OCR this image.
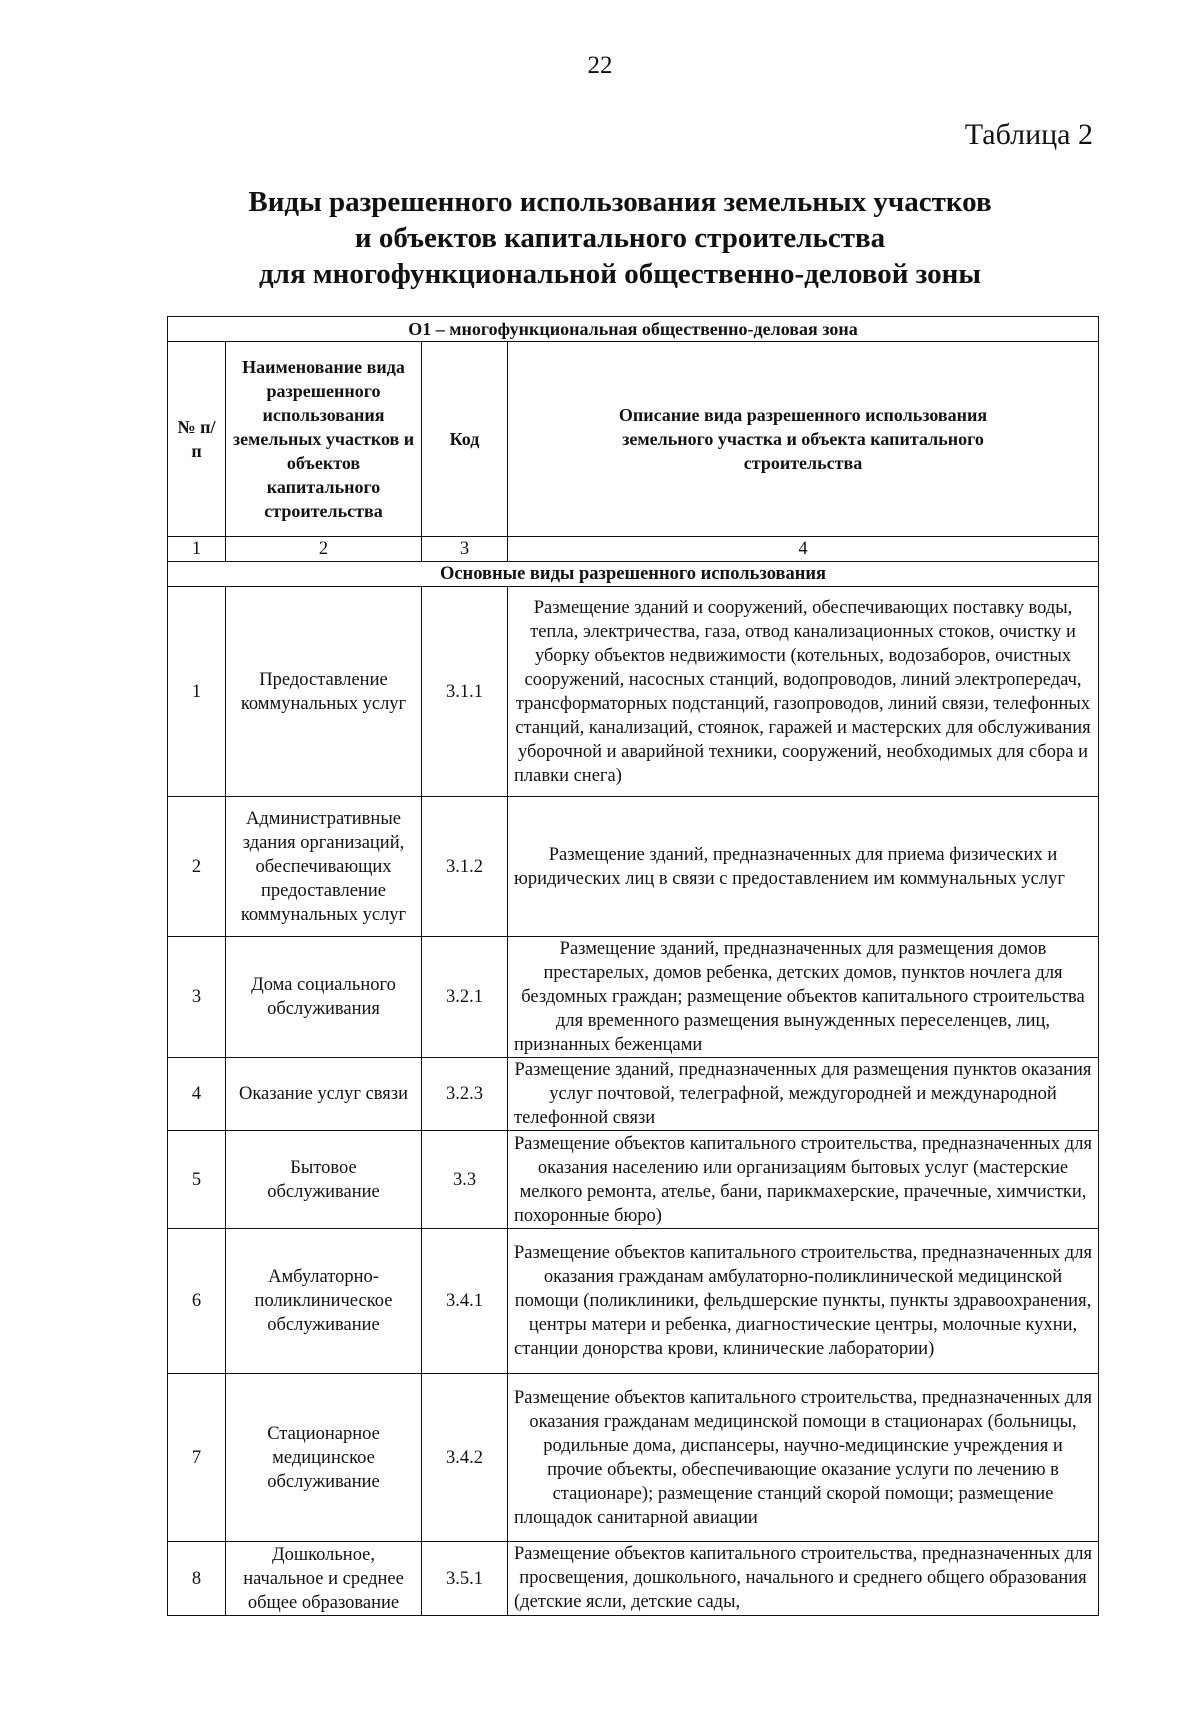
22
Таблица 2
Виды разрешенного использования земельных участков
и объектов капитального строительства
для многофункциональной общественно-деловой зоны
О1 – многофункциональная общественно-деловая зона			
№ п/п	Наименование вида разрешенного использования земельных участков и объектов капитального строительства	Код	Описание вида разрешенного использования земельного участка и объекта капитального строительства
1	2	3	4
Основные виды разрешенного использования			
1	Предоставление коммунальных услуг	3.1.1	Размещение зданий и сооружений, обеспечивающих поставку воды, тепла, электричества, газа, отвод канализационных стоков, очистку и уборку объектов недвижимости (котельных, водозаборов, очистных сооружений, насосных станций, водопроводов, линий электропередач, трансформаторных подстанций, газопроводов, линий связи, телефонных станций, канализаций, стоянок, гаражей и мастерских для обслуживания уборочной и аварийной техники, сооружений, необходимых для сбора и плавки снега)
2	Административные здания организаций, обеспечивающих предоставление коммунальных услуг	3.1.2	Размещение зданий, предназначенных для приема физических и юридических лиц в связи с предоставлением им коммунальных услуг
3	Дома социального обслуживания	3.2.1	Размещение зданий, предназначенных для размещения домов престарелых, домов ребенка, детских домов, пунктов ночлега для бездомных граждан; размещение объектов капитального строительства для временного размещения вынужденных переселенцев, лиц, признанных беженцами
4	Оказание услуг связи	3.2.3	Размещение зданий, предназначенных для размещения пунктов оказания услуг почтовой, телеграфной, междугородней и международной телефонной связи
5	Бытовое обслуживание	3.3	Размещение объектов капитального строительства, предназначенных для оказания населению или организациям бытовых услуг (мастерские мелкого ремонта, ателье, бани, парикмахерские, прачечные, химчистки, похоронные бюро)
6	Амбулаторно-поликлиническое обслуживание	3.4.1	Размещение объектов капитального строительства, предназначенных для оказания гражданам амбулаторно-поликлинической медицинской помощи (поликлиники, фельдшерские пункты, пункты здравоохранения, центры матери и ребенка, диагностические центры, молочные кухни, станции донорства крови, клинические лаборатории)
7	Стационарное медицинское обслуживание	3.4.2	Размещение объектов капитального строительства, предназначенных для оказания гражданам медицинской помощи в стационарах (больницы, родильные дома, диспансеры, научно-медицинские учреждения и прочие объекты, обеспечивающие оказание услуги по лечению в стационаре); размещение станций скорой помощи; размещение площадок санитарной авиации
8	Дошкольное, начальное и среднее общее образование	3.5.1	Размещение объектов капитального строительства, предназначенных для просвещения, дошкольного, начального и среднего общего образования (детские ясли, детские сады,
